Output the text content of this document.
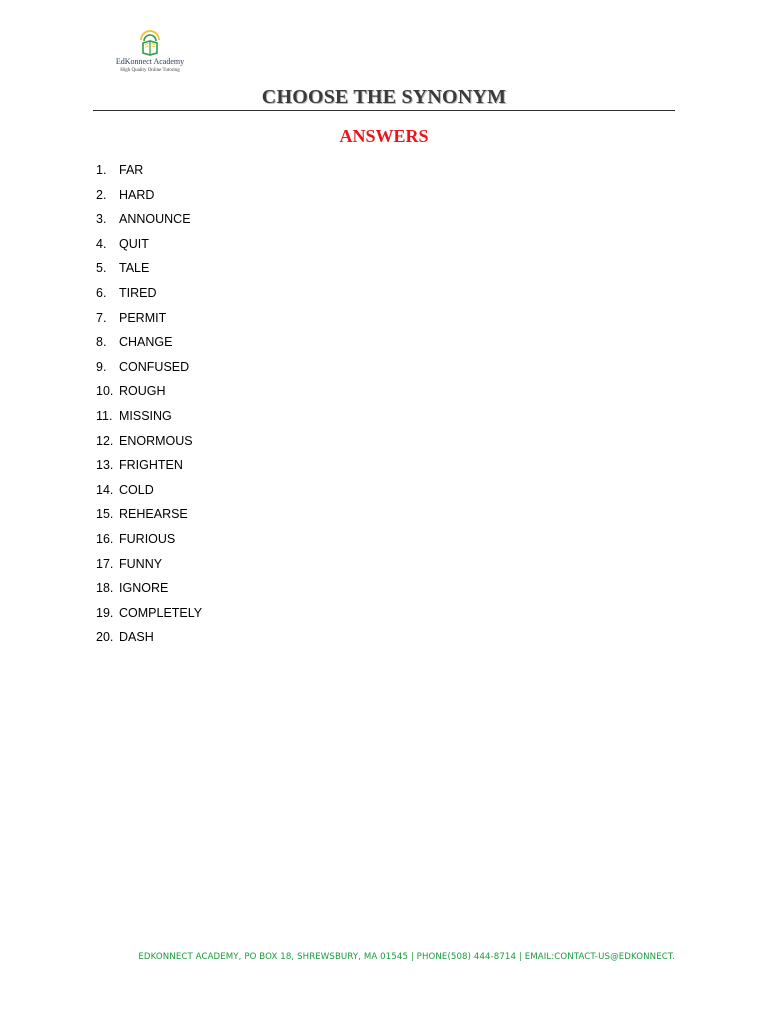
EdKonnect Academy
High Quality Online Tutoring
CHOOSE THE SYNONYM
ANSWERS
1. FAR
2. HARD
3. ANNOUNCE
4. QUIT
5. TALE
6. TIRED
7. PERMIT
8. CHANGE
9. CONFUSED
10. ROUGH
11. MISSING
12. ENORMOUS
13. FRIGHTEN
14. COLD
15. REHEARSE
16. FURIOUS
17. FUNNY
18. IGNORE
19. COMPLETELY
20. DASH
EDKONNECT ACADEMY, PO BOX 18, SHREWSBURY, MA 01545 | PHONE(508) 444-8714 | EMAIL:CONTACT-US@EDKONNECT.
